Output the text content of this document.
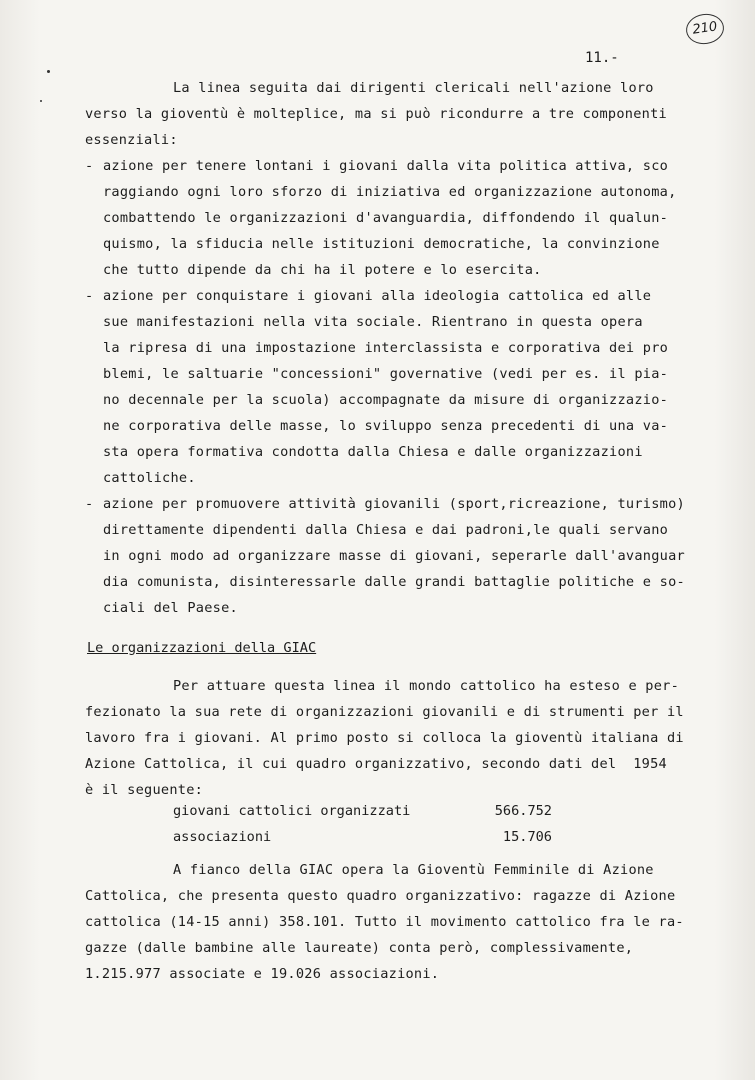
210
11.-
La linea seguita dai dirigenti clericali nell'azione loro
verso la gioventù è molteplice, ma si può ricondurre a tre componenti
essenziali:
- azione per tenere lontani i giovani dalla vita politica attiva, sco
raggiando ogni loro sforzo di iniziativa ed organizzazione autonoma,
combattendo le organizzazioni d'avanguardia, diffondendo il qualun-
quismo, la sfiducia nelle istituzioni democratiche, la convinzione
che tutto dipende da chi ha il potere e lo esercita.
- azione per conquistare i giovani alla ideologia cattolica ed alle
sue manifestazioni nella vita sociale. Rientrano in questa opera
la ripresa di una impostazione interclassista e corporativa dei pro
blemi, le saltuarie "concessioni" governative (vedi per es. il pia-
no decennale per la scuola) accompagnate da misure di organizzazio-
ne corporativa delle masse, lo sviluppo senza precedenti di una va-
sta opera formativa condotta dalla Chiesa e dalle organizzazioni
cattoliche.
- azione per promuovere attività giovanili (sport,ricreazione, turismo)
direttamente dipendenti dalla Chiesa e dai padroni,le quali servano
in ogni modo ad organizzare masse di giovani, seperarle dall'avanguar
dia comunista, disinteressarle dalle grandi battaglie politiche e so-
ciali del Paese.
Le organizzazioni della GIAC
Per attuare questa linea il mondo cattolico ha esteso e per-
fezionato la sua rete di organizzazioni giovanili e di strumenti per il
lavoro fra i giovani. Al primo posto si colloca la gioventù italiana di
Azione Cattolica, il cui quadro organizzativo, secondo dati del  1954
è il seguente:
giovani cattolici organizzati	566.752
associazioni	15.706
A fianco della GIAC opera la Gioventù Femminile di Azione
Cattolica, che presenta questo quadro organizzativo: ragazze di Azione
cattolica (14-15 anni) 358.101. Tutto il movimento cattolico fra le ra-
gazze (dalle bambine alle laureate) conta però, complessivamente,
1.215.977 associate e 19.026 associazioni.
